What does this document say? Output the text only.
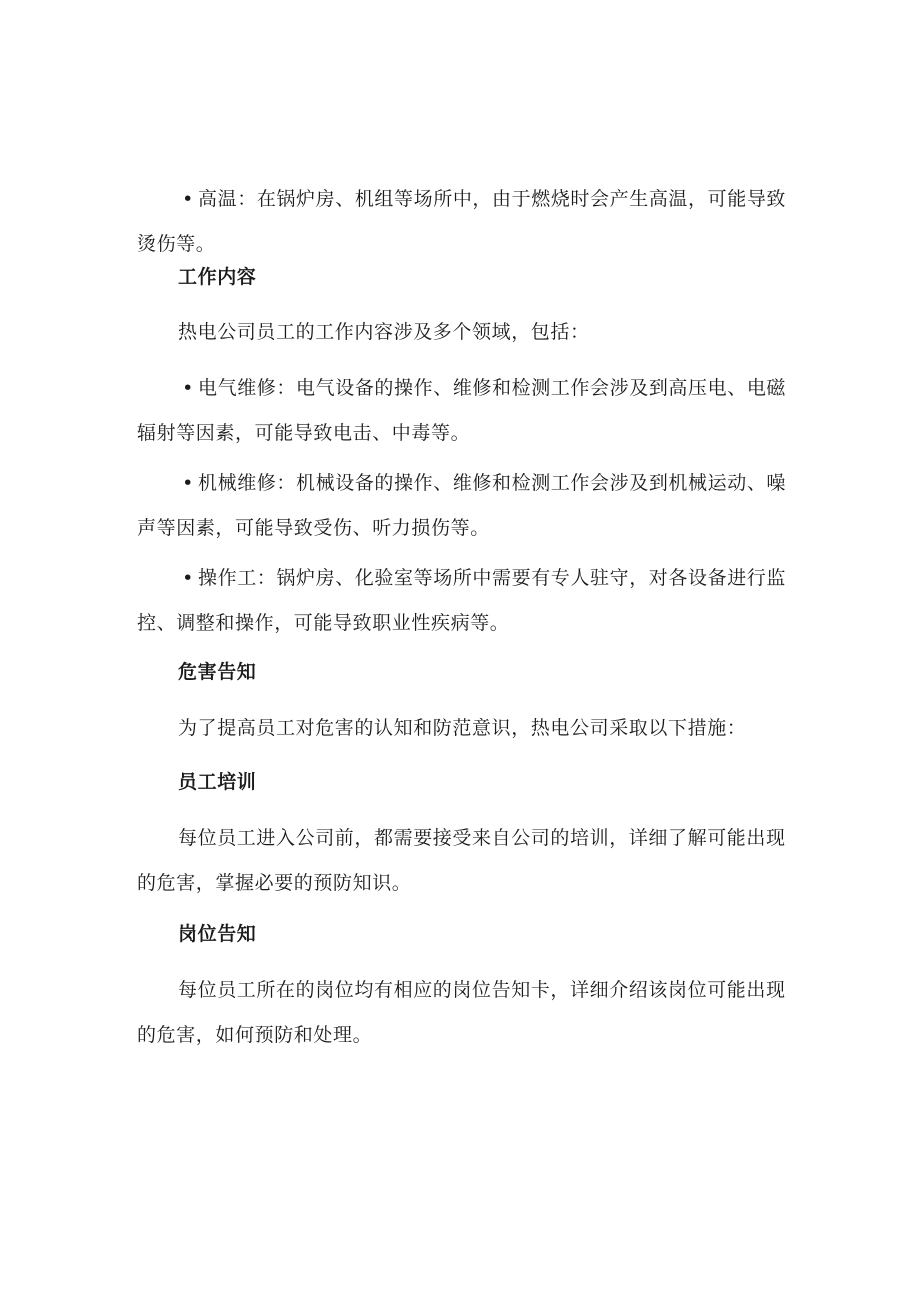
• 高温：在锅炉房、机组等场所中，由于燃烧时会产生高温，可能导致烫伤等。

工作内容

热电公司员工的工作内容涉及多个领域，包括：

• 电气维修：电气设备的操作、维修和检测工作会涉及到高压电、电磁辐射等因素，可能导致电击、中毒等。

• 机械维修：机械设备的操作、维修和检测工作会涉及到机械运动、噪声等因素，可能导致受伤、听力损伤等。

• 操作工：锅炉房、化验室等场所中需要有专人驻守，对各设备进行监控、调整和操作，可能导致职业性疾病等。

危害告知

为了提高员工对危害的认知和防范意识，热电公司采取以下措施：

员工培训

每位员工进入公司前，都需要接受来自公司的培训，详细了解可能出现的危害，掌握必要的预防知识。

岗位告知

每位员工所在的岗位均有相应的岗位告知卡，详细介绍该岗位可能出现的危害，如何预防和处理。
